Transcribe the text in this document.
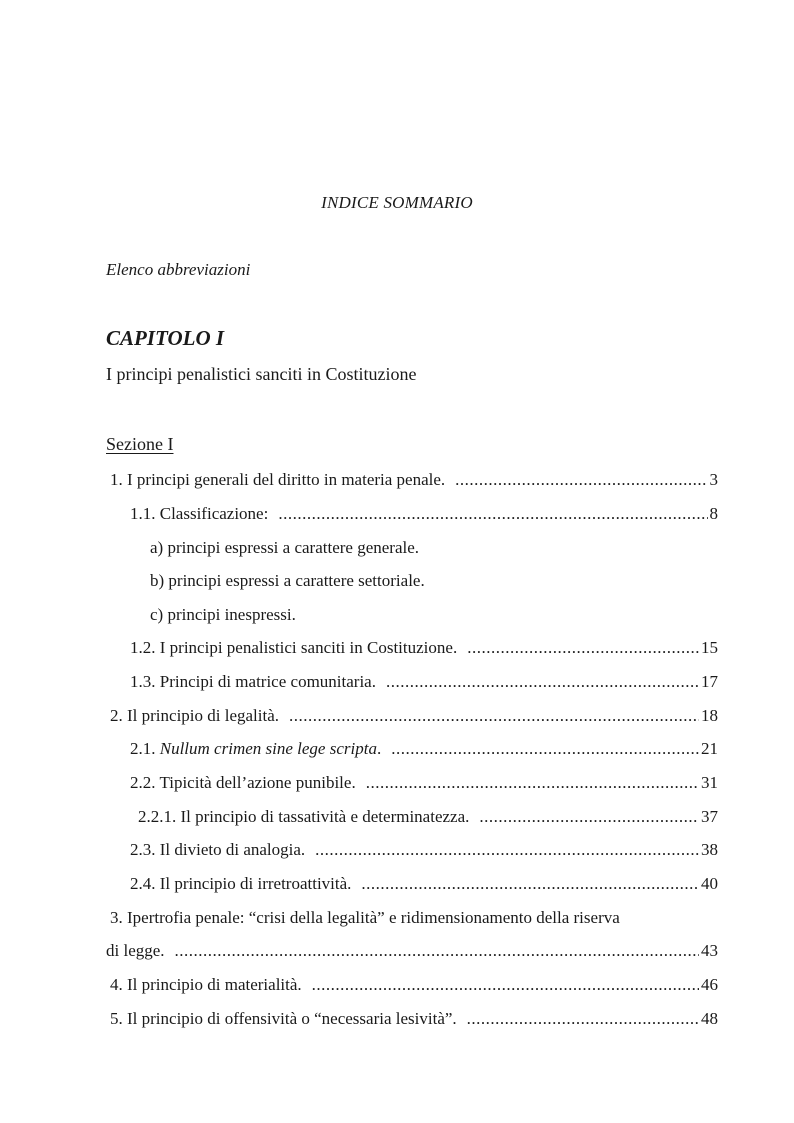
INDICE SOMMARIO
Elenco abbreviazioni
CAPITOLO I
I principi penalistici sanciti in Costituzione
Sezione I
1. I principi generali del diritto in materia penale. .....	3
1.1. Classificazione: .....	8
a) principi espressi a carattere generale.
b) principi espressi a carattere settoriale.
c) principi inespressi.
1.2. I principi penalistici sanciti in Costituzione. .....	15
1.3. Principi di matrice comunitaria. .....	17
2. Il principio di legalità. .....	18
2.1. Nullum crimen sine lege scripta. .....	21
2.2. Tipicità dell’azione punibile. .....	31
2.2.1. Il principio di tassatività e determinatezza. .....	37
2.3. Il divieto di analogia. .....	38
2.4. Il principio di irretroattività. .....	40
3. Ipertrofia penale: “crisi della legalità” e ridimensionamento della riserva
di legge. .....	43
4. Il principio di materialità. .....	46
5. Il principio di offensività o “necessaria lesività”. .....	48
